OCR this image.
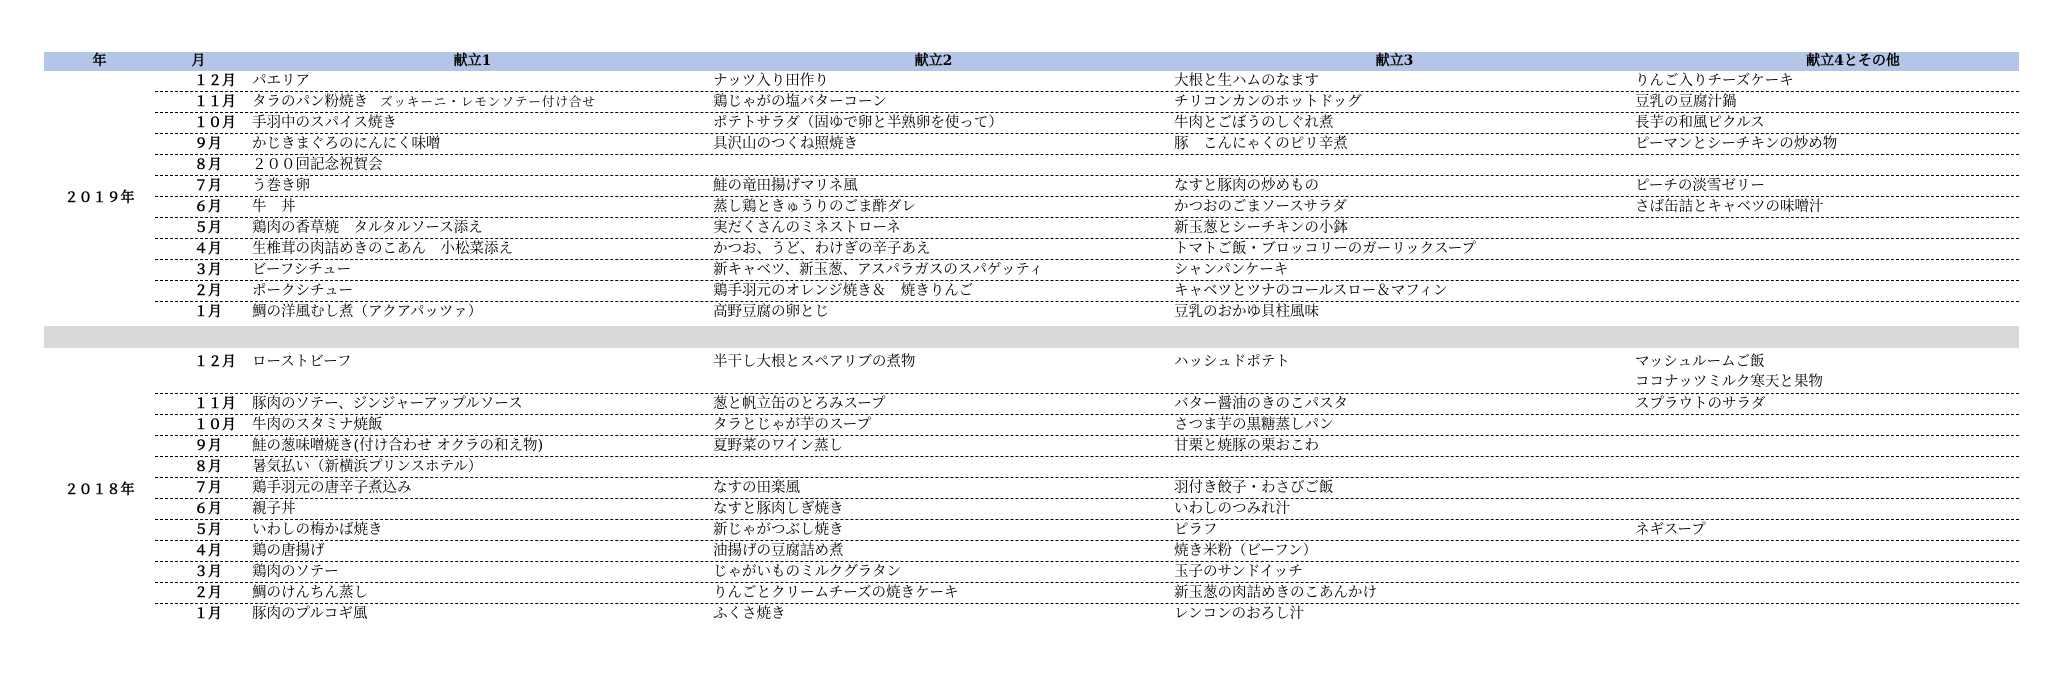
年	月	献立1	献立2	献立3	献立4とその他
２０１９年
１２月	パエリア	ナッツ入り田作り	大根と生ハムのなます	りんご入りチーズケーキ
１１月	タラのパン粉焼き ズッキーニ・レモンソテー付け合せ	鶏じゃがの塩バターコーン	チリコンカンのホットドッグ	豆乳の豆腐汁鍋
１０月	手羽中のスパイス焼き	ポテトサラダ（固ゆで卵と半熟卵を使って）	牛肉とごぼうのしぐれ煮	長芋の和風ピクルス
９月	かじきまぐろのにんにく味噌	具沢山のつくね照焼き	豚　こんにゃくのピリ辛煮	ピーマンとシーチキンの炒め物
８月	２００回記念祝賀会
７月	う巻き卵	鮭の竜田揚げマリネ風	なすと豚肉の炒めもの	ピーチの淡雪ゼリー
６月	牛　丼	蒸し鶏ときゅうりのごま酢ダレ	かつおのごまソースサラダ	さば缶詰とキャベツの味噌汁
５月	鶏肉の香草焼　タルタルソース添え	実だくさんのミネストローネ	新玉葱とシーチキンの小鉢
４月	生椎茸の肉詰めきのこあん　小松菜添え	かつお、うど、わけぎの辛子あえ	トマトご飯・ブロッコリーのガーリックスープ
３月	ビーフシチュー	新キャベツ、新玉葱、アスパラガスのスパゲッティ	シャンパンケーキ
２月	ポークシチュー	鶏手羽元のオレンジ焼き＆　焼きりんご	キャベツとツナのコールスロー＆マフィン
１月	鯛の洋風むし煮（アクアパッツァ）	高野豆腐の卵とじ	豆乳のおかゆ貝柱風味
２０１８年
１２月	ローストビーフ	半干し大根とスペアリブの煮物	ハッシュドポテト	マッシュルームご飯
ココナッツミルク寒天と果物
１１月	豚肉のソテー、ジンジャーアップルソース	葱と帆立缶のとろみスープ	バター醤油のきのこパスタ	スプラウトのサラダ
１０月	牛肉のスタミナ焼飯	タラとじゃが芋のスープ	さつま芋の黒糖蒸しパン
９月	鮭の葱味噌焼き(付け合わせ オクラの和え物)	夏野菜のワイン蒸し	甘栗と焼豚の栗おこわ
８月	暑気払い（新横浜プリンスホテル）
７月	鶏手羽元の唐辛子煮込み	なすの田楽風	羽付き餃子・わさびご飯
６月	親子丼	なすと豚肉しぎ焼き	いわしのつみれ汁
５月	いわしの梅かば焼き	新じゃがつぶし焼き	ピラフ	ネギスープ
４月	鶏の唐揚げ	油揚げの豆腐詰め煮	焼き米粉（ビーフン）
３月	鶏肉のソテー	じゃがいものミルクグラタン	玉子のサンドイッチ
２月	鯛のけんちん蒸し	りんごとクリームチーズの焼きケーキ	新玉葱の肉詰めきのこあんかけ
１月	豚肉のプルコギ風	ふくさ焼き	レンコンのおろし汁
